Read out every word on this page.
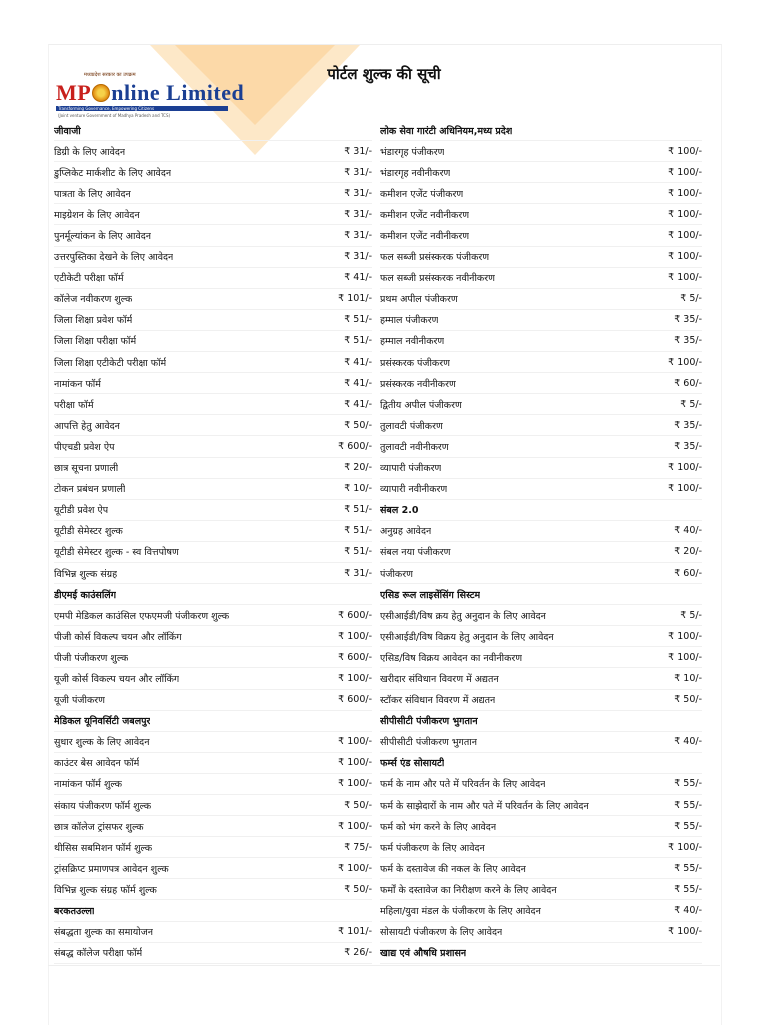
मध्यप्रदेश सरकार का उपक्रम
MP nline Limited
Transforming Governance, Empowering Citizens
(Joint venture Government of Madhya Pradesh and TCS)
पोर्टल शुल्क की सूची
जीवाजी
डिग्री के लिए आवेदन	₹ 31/-
डुप्लिकेट मार्कशीट के लिए आवेदन	₹ 31/-
पात्रता के लिए आवेदन	₹ 31/-
माइग्रेशन के लिए आवेदन	₹ 31/-
पुनर्मूल्यांकन के लिए आवेदन	₹ 31/-
उत्तरपुस्तिका देखने के लिए आवेदन	₹ 31/-
एटीकेटी परीक्षा फॉर्म	₹ 41/-
कॉलेज नवीकरण शुल्क	₹ 101/-
जिला शिक्षा प्रवेश फॉर्म	₹ 51/-
जिला शिक्षा परीक्षा फॉर्म	₹ 51/-
जिला शिक्षा एटीकेटी परीक्षा फॉर्म	₹ 41/-
नामांकन फॉर्म	₹ 41/-
परीक्षा फॉर्म	₹ 41/-
आपत्ति हेतु आवेदन	₹ 50/-
पीएचडी प्रवेश ऐप	₹ 600/-
छात्र सूचना प्रणाली	₹ 20/-
टोकन प्रबंधन प्रणाली	₹ 10/-
यूटीडी प्रवेश ऐप	₹ 51/-
यूटीडी सेमेस्टर शुल्क	₹ 51/-
यूटीडी सेमेस्टर शुल्क - स्व वित्तपोषण	₹ 51/-
विभिन्न शुल्क संग्रह	₹ 31/-
डीएमई काउंसलिंग
एमपी मेडिकल काउंसिल एफएमजी पंजीकरण शुल्क	₹ 600/-
पीजी कोर्स विकल्प चयन और लॉकिंग	₹ 100/-
पीजी पंजीकरण शुल्क	₹ 600/-
यूजी कोर्स विकल्प चयन और लॉकिंग	₹ 100/-
यूजी पंजीकरण	₹ 600/-
मेडिकल यूनिवर्सिटी जबलपुर
सुधार शुल्क के लिए आवेदन	₹ 100/-
काउंटर बेस आवेदन फॉर्म	₹ 100/-
नामांकन फॉर्म शुल्क	₹ 100/-
संकाय पंजीकरण फॉर्म शुल्क	₹ 50/-
छात्र कॉलेज ट्रांसफर शुल्क	₹ 100/-
थीसिस सबमिशन फॉर्म शुल्क	₹ 75/-
ट्रांसक्रिप्ट प्रमाणपत्र आवेदन शुल्क	₹ 100/-
विभिन्न शुल्क संग्रह फॉर्म शुल्क	₹ 50/-
बरकतउल्ला
संबद्धता शुल्क का समायोजन	₹ 101/-
संबद्ध कॉलेज परीक्षा फॉर्म	₹ 26/-
लोक सेवा गारंटी अधिनियम,मध्य प्रदेश
भंडारगृह पंजीकरण	₹ 100/-
भंडारगृह नवीनीकरण	₹ 100/-
कमीशन एजेंट पंजीकरण	₹ 100/-
कमीशन एजेंट नवीनीकरण	₹ 100/-
कमीशन एजेंट नवीनीकरण	₹ 100/-
फल सब्जी प्रसंस्करक पंजीकरण	₹ 100/-
फल सब्जी प्रसंस्करक नवीनीकरण	₹ 100/-
प्रथम अपील पंजीकरण	₹ 5/-
हम्माल पंजीकरण	₹ 35/-
हम्माल नवीनीकरण	₹ 35/-
प्रसंस्करक पंजीकरण	₹ 100/-
प्रसंस्करक नवीनीकरण	₹ 60/-
द्वितीय अपील पंजीकरण	₹ 5/-
तुलावटी पंजीकरण	₹ 35/-
तुलावटी नवीनीकरण	₹ 35/-
व्यापारी पंजीकरण	₹ 100/-
व्यापारी नवीनीकरण	₹ 100/-
संबल 2.0
अनुग्रह आवेदन	₹ 40/-
संबल नया पंजीकरण	₹ 20/-
पंजीकरण	₹ 60/-
एसिड रूल लाइसेंसिंग सिस्टम
एसीआईडी/विष क्रय हेतु अनुदान के लिए आवेदन	₹ 5/-
एसीआईडी/विष विक्रय हेतु अनुदान के लिए आवेदन	₹ 100/-
एसिड/विष विक्रय आवेदन का नवीनीकरण	₹ 100/-
खरीदार संविधान विवरण में अद्यतन	₹ 10/-
स्टॉकर संविधान विवरण में अद्यतन	₹ 50/-
सीपीसीटी पंजीकरण भुगतान
सीपीसीटी पंजीकरण भुगतान	₹ 40/-
फर्म्स एंड सोसायटी
फर्म के नाम और पते में परिवर्तन के लिए आवेदन	₹ 55/-
फर्म के साझेदारों के नाम और पते में परिवर्तन के लिए आवेदन	₹ 55/-
फर्म को भंग करने के लिए आवेदन	₹ 55/-
फर्म पंजीकरण के लिए आवेदन	₹ 100/-
फर्म के दस्तावेज की नकल के लिए आवेदन	₹ 55/-
फर्मों के दस्तावेज का निरीक्षण करने के लिए आवेदन	₹ 55/-
महिला/युवा मंडल के पंजीकरण के लिए आवेदन	₹ 40/-
सोसायटी पंजीकरण के लिए आवेदन	₹ 100/-
खाद्य एवं औषधि प्रशासन
